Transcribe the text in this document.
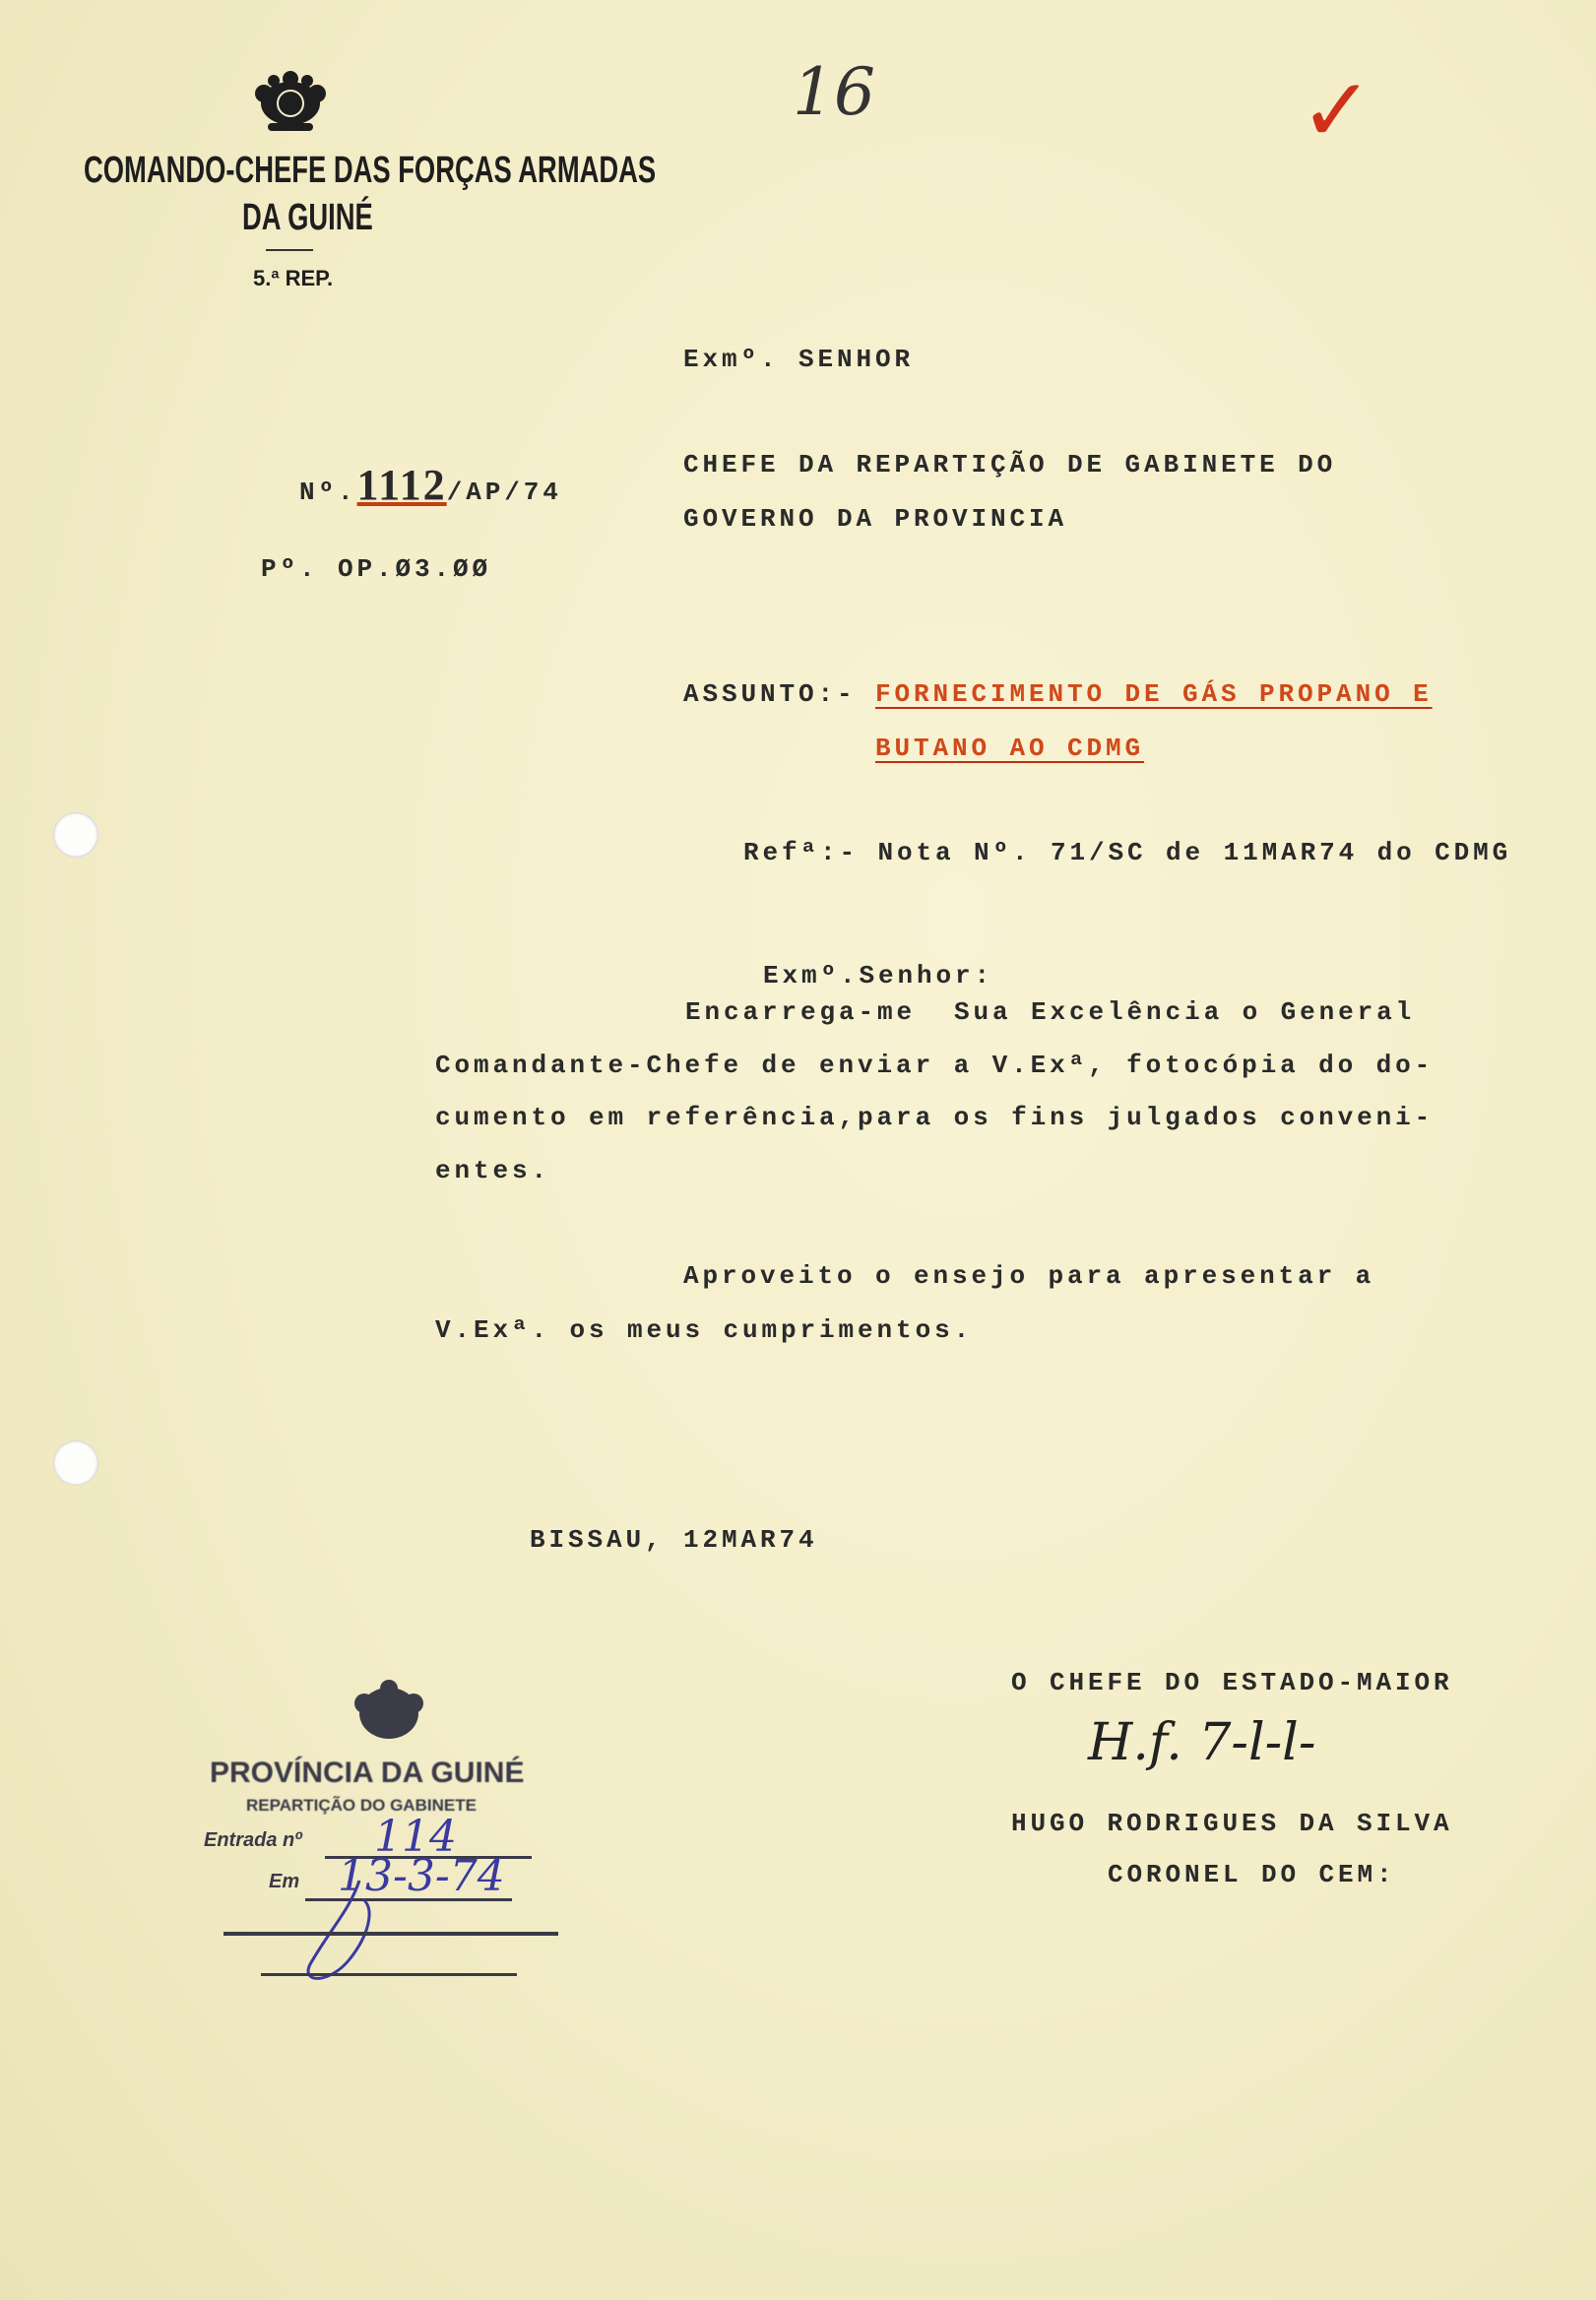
COMANDO-CHEFE DAS FORÇAS ARMADAS
DA GUINÉ
5.ª REP.
16	✓

Nº.1112/AP/74

Pº. OP.Ø3.ØØ
Exmº. SENHOR
CHEFE DA REPARTIÇÃO DE GABINETE DO
GOVERNO DA PROVINCIA
ASSUNTO:- FORNECIMENTO DE GÁS PROPANO E
BUTANO AO CDMG
Refª:- Nota Nº. 71/SC de 11MAR74 do CDMG
Exmº.Senhor:
Encarrega-me  Sua Excelência o General
Comandante-Chefe de enviar a V.Exª, fotocópia do do-
cumento em referência,para os fins julgados conveni-
entes.
Aproveito o ensejo para apresentar a
V.Exª. os meus cumprimentos.
BISSAU, 12MAR74
O CHEFE DO ESTADO-MAIOR
H.f. 7-l-l-
HUGO RODRIGUES DA SILVA
CORONEL DO CEM:
PROVÍNCIA DA GUINÉ
REPARTIÇÃO DO GABINETE
Entrada nº 114
Em 13-3-74
